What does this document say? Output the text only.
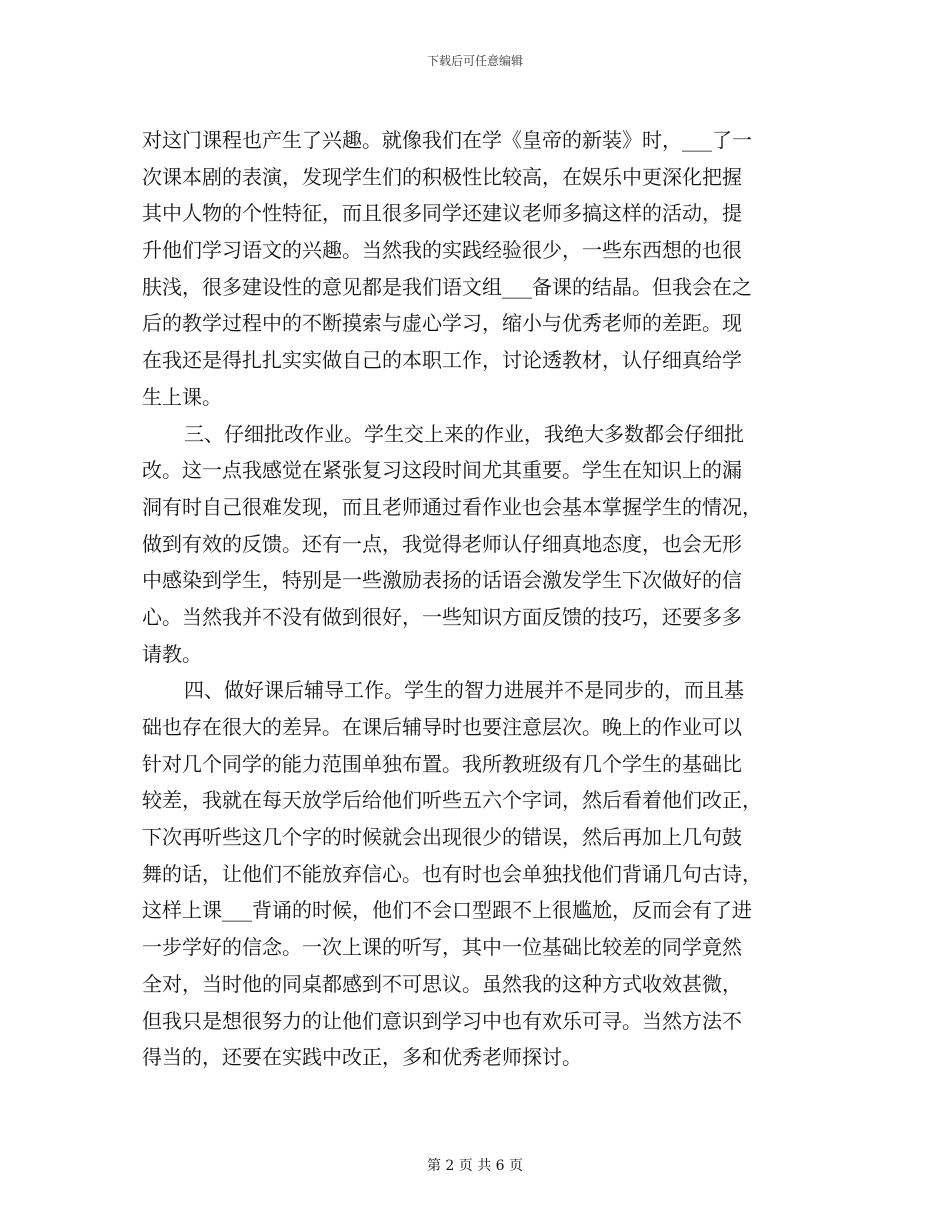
下载后可任意编辑
对这门课程也产生了兴趣。就像我们在学《皇帝的新装》时，___了一
次课本剧的表演，发现学生们的积极性比较高，在娱乐中更深化把握
其中人物的个性特征，而且很多同学还建议老师多搞这样的活动，提
升他们学习语文的兴趣。当然我的实践经验很少，一些东西想的也很
肤浅，很多建设性的意见都是我们语文组___备课的结晶。但我会在之
后的教学过程中的不断摸索与虚心学习，缩小与优秀老师的差距。现
在我还是得扎扎实实做自己的本职工作，讨论透教材，认仔细真给学
生上课。
三、仔细批改作业。学生交上来的作业，我绝大多数都会仔细批
改。这一点我感觉在紧张复习这段时间尤其重要。学生在知识上的漏
洞有时自己很难发现，而且老师通过看作业也会基本掌握学生的情况，
做到有效的反馈。还有一点，我觉得老师认仔细真地态度，也会无形
中感染到学生，特别是一些激励表扬的话语会激发学生下次做好的信
心。当然我并不没有做到很好，一些知识方面反馈的技巧，还要多多
请教。
四、做好课后辅导工作。学生的智力进展并不是同步的，而且基
础也存在很大的差异。在课后辅导时也要注意层次。晚上的作业可以
针对几个同学的能力范围单独布置。我所教班级有几个学生的基础比
较差，我就在每天放学后给他们听些五六个字词，然后看着他们改正，
下次再听些这几个字的时候就会出现很少的错误，然后再加上几句鼓
舞的话，让他们不能放弃信心。也有时也会单独找他们背诵几句古诗，
这样上课___背诵的时候，他们不会口型跟不上很尴尬，反而会有了进
一步学好的信念。一次上课的听写，其中一位基础比较差的同学竟然
全对，当时他的同桌都感到不可思议。虽然我的这种方式收效甚微，
但我只是想很努力的让他们意识到学习中也有欢乐可寻。当然方法不
得当的，还要在实践中改正，多和优秀老师探讨。
第 2 页 共 6 页
